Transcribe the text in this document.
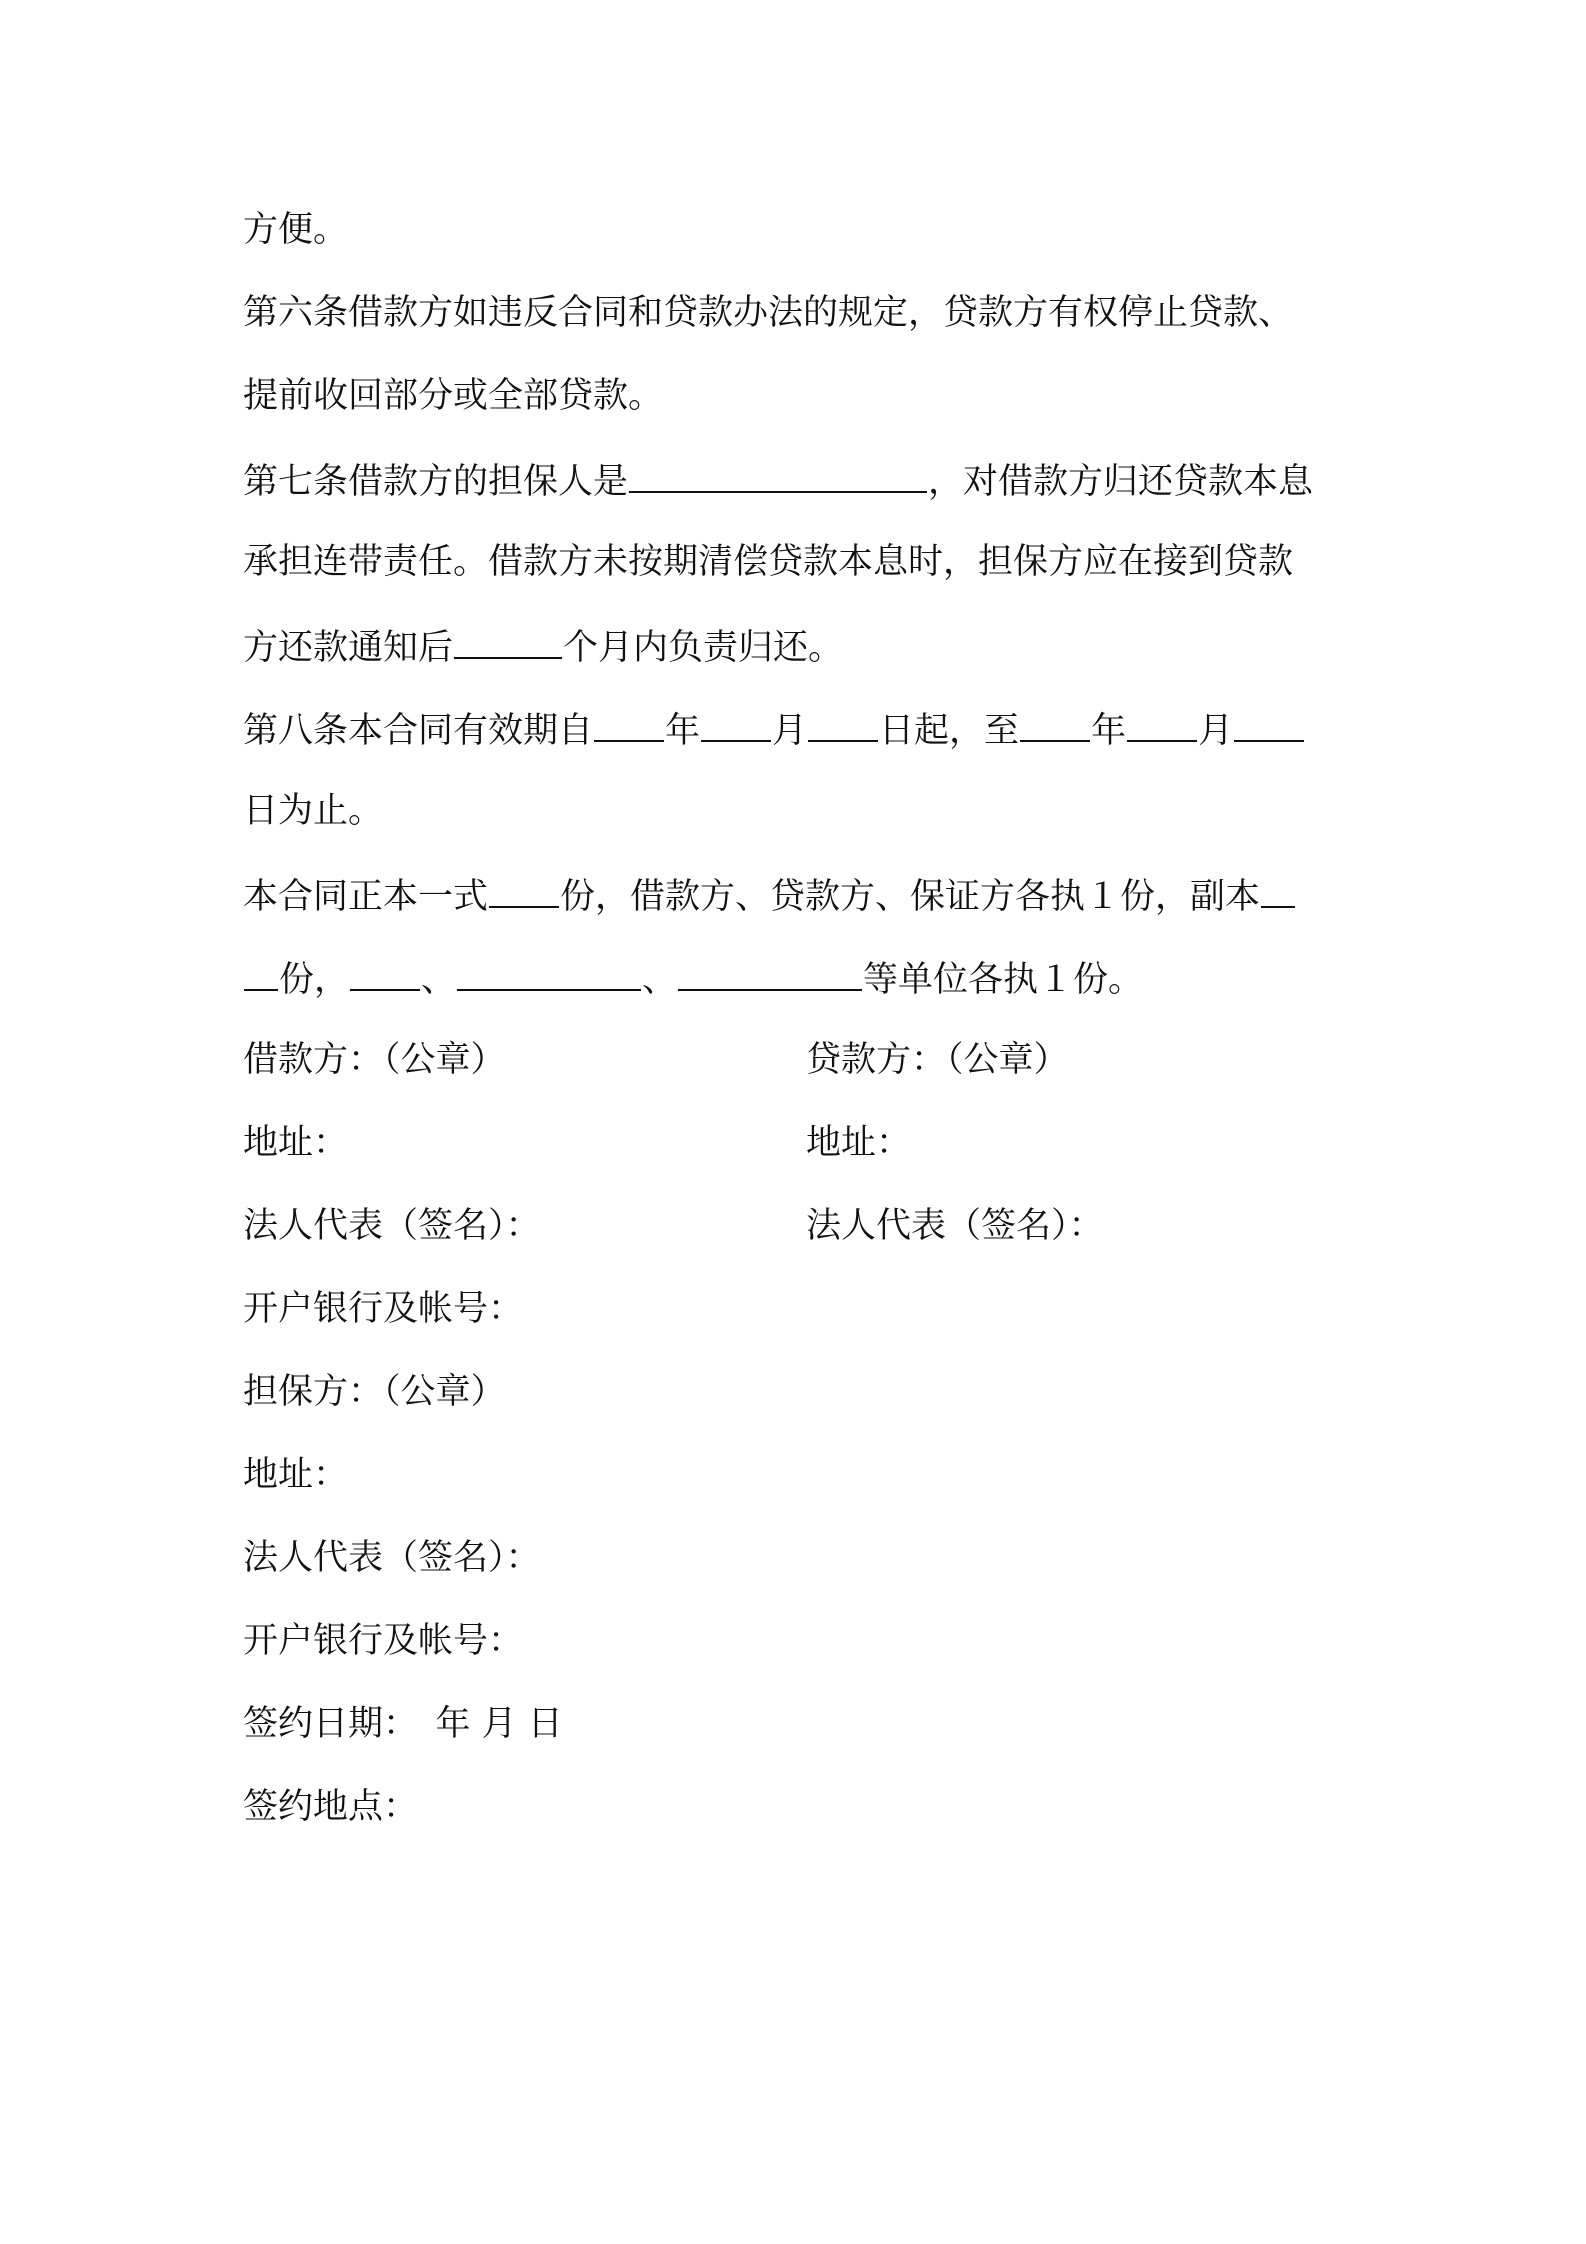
方便。
第六条借款方如违反合同和贷款办法的规定，贷款方有权停止贷款、
提前收回部分或全部贷款。
第七条借款方的担保人是	，对借款方归还贷款本息
承担连带责任。借款方未按期清偿贷款本息时，担保方应在接到贷款
方还款通知后	个月内负责归还。
第八条本合同有效期自 年 月 日起，至 年 月
日为止。
本合同正本一式 份，借款方、贷款方、保证方各执１份，副本
份， 、	、	等单位各执１份。
借款方：（公章）	贷款方：（公章）
地址：	地址：
法人代表（签名）：	法人代表（签名）：
开户银行及帐号：
担保方：（公章）
地址：
法人代表（签名）：
开户银行及帐号：
签约日期：　年 月 日
签约地点：
